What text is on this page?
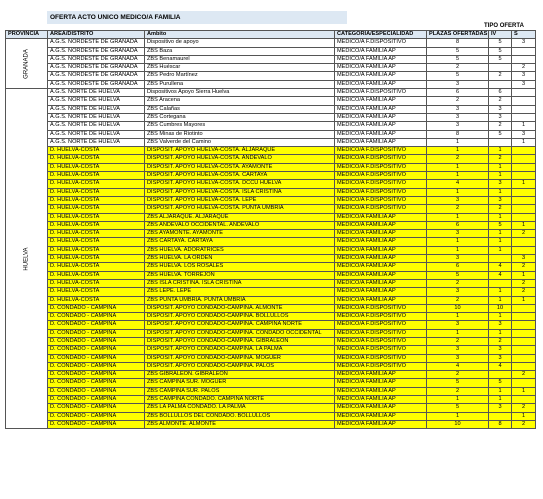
OFERTA ACTO UNICO MEDICO/A FAMILIA
TIPO OFERTA
PROVINCIA	ÁREA/DISTRITO	Ambito	CATEGORIA/ESPECIALIDAD	PLAZAS OFERTADAS	IV	S

GRANADA	A.G.S. NORDESTE DE GRANADA	Dispositivo de apoyo	MÉDICO/A F.DISPOSITIVO	8	5	3
	A.G.S. NORDESTE DE GRANADA	ZBS Baza	MÉDICO/A FAMILIA AP	5	5	
	A.G.S. NORDESTE DE GRANADA	ZBS Benamaurel	MÉDICO/A FAMILIA AP	5	5	
	A.G.S. NORDESTE DE GRANADA	ZBS Huéscar	MÉDICO/A FAMILIA AP	2		2
	A.G.S. NORDESTE DE GRANADA	ZBS Pedro Martínez	MÉDICO/A FAMILIA AP	5	2	3
	A.G.S. NORDESTE DE GRANADA	ZBS Purullena	MÉDICO/A FAMILIA AP	3		3

HUELVA	A.G.S. NORTE DE HUELVA	Dispositivos Apoyo Sierra Huelva	MÉDICO/A F.DISPOSITIVO	6	6	
	A.G.S. NORTE DE HUELVA	ZBS Aracena	MÉDICO/A FAMILIA AP	2	2	
	A.G.S. NORTE DE HUELVA	ZBS Calañas	MÉDICO/A FAMILIA AP	3	3	
	A.G.S. NORTE DE HUELVA	ZBS Cortegana	MÉDICO/A FAMILIA AP	3	3	
	A.G.S. NORTE DE HUELVA	ZBS Cumbres Mayores	MÉDICO/A FAMILIA AP	3	2	1
	A.G.S. NORTE DE HUELVA	ZBS Minas de Riotinto	MÉDICO/A FAMILIA AP	8	5	3
	A.G.S. NORTE DE HUELVA	ZBS Valverde del Camino	MÉDICO/A FAMILIA AP	1		1
	D. HUELVA-COSTA	DISPOSIT. APOYO HUELVA-COSTA. ALJARAQUE	MÉDICO/A F.DISPOSITIVO	1	1	
	D. HUELVA-COSTA	DISPOSIT. APOYO HUELVA-COSTA. ANDEVALO	MÉDICO/A F.DISPOSITIVO	2	2	
	D. HUELVA-COSTA	DISPOSIT. APOYO HUELVA-COSTA. AYAMONTE	MÉDICO/A F.DISPOSITIVO	1	1	
	D. HUELVA-COSTA	DISPOSIT. APOYO HUELVA-COSTA. CARTAYA	MÉDICO/A F.DISPOSITIVO	1	1	
	D. HUELVA-COSTA	DISPOSIT. APOYO HUELVA-COSTA. DCCU HUELVA	MÉDICO/A F.DISPOSITIVO	4	3	1
	D. HUELVA-COSTA	DISPOSIT. APOYO HUELVA-COSTA. ISLA CRISTINA	MÉDICO/A F.DISPOSITIVO	1	1	
	D. HUELVA-COSTA	DISPOSIT. APOYO HUELVA-COSTA. LEPE	MÉDICO/A F.DISPOSITIVO	3	3	
	D. HUELVA-COSTA	DISPOSIT. APOYO HUELVA-COSTA. PUNTA UMBRIA	MÉDICO/A F.DISPOSITIVO	2	2	
	D. HUELVA-COSTA	ZBS ALJARAQUE. ALJARAQUE	MÉDICO/A FAMILIA AP	1	1	
	D. HUELVA-COSTA	ZBS ANDEVALO OCCIDENTAL. ANDEVALO	MÉDICO/A FAMILIA AP	6	5	1
	D. HUELVA-COSTA	ZBS AYAMONTE. AYAMONTE	MÉDICO/A FAMILIA AP	3	1	2
	D. HUELVA-COSTA	ZBS CARTAYA. CARTAYA	MÉDICO/A FAMILIA AP	1	1	
	D. HUELVA-COSTA	ZBS HUELVA. ADORATRICES	MÉDICO/A FAMILIA AP	1	1	
	D. HUELVA-COSTA	ZBS HUELVA. LA ORDEN	MÉDICO/A FAMILIA AP	3		3
	D. HUELVA-COSTA	ZBS HUELVA. LOS ROSALES	MÉDICO/A FAMILIA AP	6	4	2
	D. HUELVA-COSTA	ZBS HUELVA. TORREJON	MÉDICO/A FAMILIA AP	5	4	1
	D. HUELVA-COSTA	ZBS ISLA CRISTINA. ISLA CRISTINA	MÉDICO/A FAMILIA AP	2		2
	D. HUELVA-COSTA	ZBS LEPE. LEPE	MÉDICO/A FAMILIA AP	3	1	2
	D. HUELVA-COSTA	ZBS PUNTA UMBRIA. PUNTA UMBRIA	MÉDICO/A FAMILIA AP	2	1	1
	D. CONDADO - CAMPIÑA	DISPOSIT. APOYO CONDADO-CAMPIÑA. ALMONTE	MÉDICO/A F.DISPOSITIVO	10	10	
	D. CONDADO - CAMPIÑA	DISPOSIT. APOYO CONDADO-CAMPIÑA. BOLLULLOS	MÉDICO/A F.DISPOSITIVO	1	1	
	D. CONDADO - CAMPIÑA	DISPOSIT. APOYO CONDADO-CAMPIÑA. CAMPIÑA NORTE	MÉDICO/A F.DISPOSITIVO	3	3	
	D. CONDADO - CAMPIÑA	DISPOSIT. APOYO CONDADO-CAMPIÑA. CONDADO OCCIDENTAL	MÉDICO/A F.DISPOSITIVO	1	1	
	D. CONDADO - CAMPIÑA	DISPOSIT. APOYO CONDADO-CAMPIÑA. GIBRALEON	MÉDICO/A F.DISPOSITIVO	2	2	
	D. CONDADO - CAMPIÑA	DISPOSIT. APOYO CONDADO-CAMPIÑA. LA PALMA	MÉDICO/A F.DISPOSITIVO	3	3	
	D. CONDADO - CAMPIÑA	DISPOSIT. APOYO CONDADO-CAMPIÑA. MOGUER	MÉDICO/A F.DISPOSITIVO	3	3	
	D. CONDADO - CAMPIÑA	DISPOSIT. APOYO CONDADO-CAMPIÑA. PALOS	MÉDICO/A F.DISPOSITIVO	4	4	
	D. CONDADO - CAMPIÑA	ZBS GIBRALEON. GIBRALEON	MÉDICO/A FAMILIA AP	2		2
	D. CONDADO - CAMPIÑA	ZBS CAMPIÑA SUR. MOGUER	MÉDICO/A FAMILIA AP	5	5	
	D. CONDADO - CAMPIÑA	ZBS CAMPIÑA SUR. PALOS	MÉDICO/A FAMILIA AP	2	1	1
	D. CONDADO - CAMPIÑA	ZBS CAMPIÑA CONDADO. CAMPIÑA NORTE	MÉDICO/A FAMILIA AP	1	1	
	D. CONDADO - CAMPIÑA	ZBS LA PALMA CONDADO. LA PALMA	MÉDICO/A FAMILIA AP	5	3	2
	D. CONDADO - CAMPIÑA	ZBS BOLLULLOS DEL CONDADO. BOLLULLOS	MÉDICO/A FAMILIA AP	1		1
	D. CONDADO - CAMPIÑA	ZBS ALMONTE. ALMONTE	MÉDICO/A FAMILIA AP	10	8	2
